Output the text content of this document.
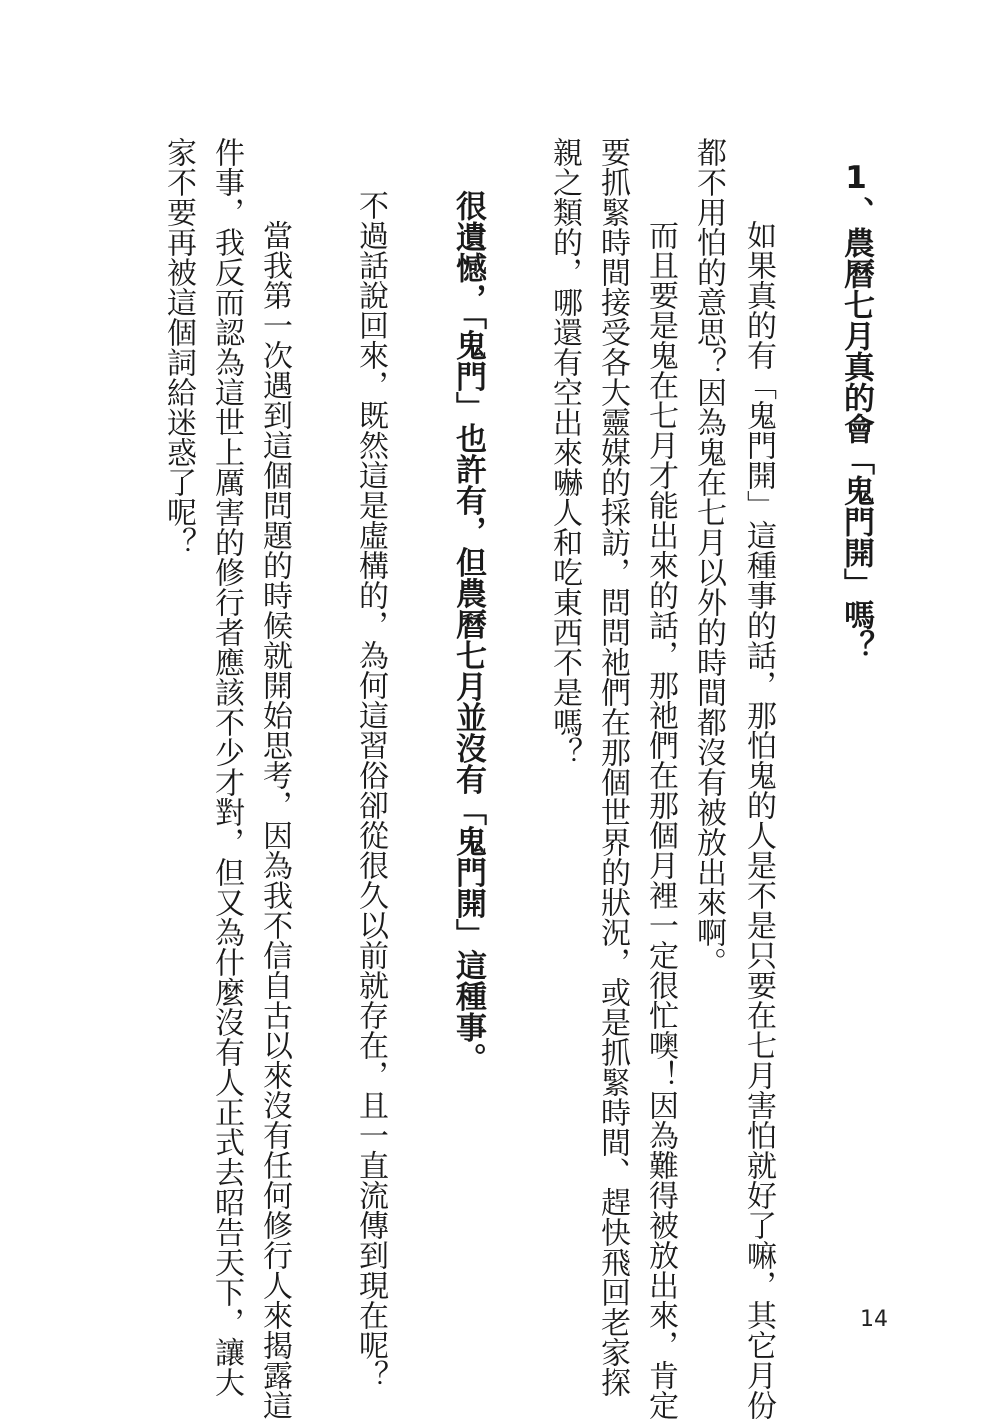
1、農曆七月真的會「鬼門開」嗎？
　如果真的有「鬼門開」這種事的話，那怕鬼的人是不是只要在七月害怕就好了嘛，其它月份
都不用怕的意思？因為鬼在七月以外的時間都沒有被放出來啊。
　而且要是鬼在七月才能出來的話，那祂們在那個月裡一定很忙噢！因為難得被放出來，肯定
要抓緊時間接受各大靈媒的採訪，問問祂們在那個世界的狀況，或是抓緊時間、趕快飛回老家探
親之類的，哪還有空出來嚇人和吃東西不是嗎？
很遺憾，「鬼門」也許有，但農曆七月並沒有「鬼門開」這種事。
不過話說回來，既然這是虛構的，為何這習俗卻從很久以前就存在，且一直流傳到現在呢？
　當我第一次遇到這個問題的時候就開始思考，因為我不信自古以來沒有任何修行人來揭露這
件事，我反而認為這世上厲害的修行者應該不少才對，但又為什麼沒有人正式去昭告天下，讓大
家不要再被這個詞給迷惑了呢？
14
